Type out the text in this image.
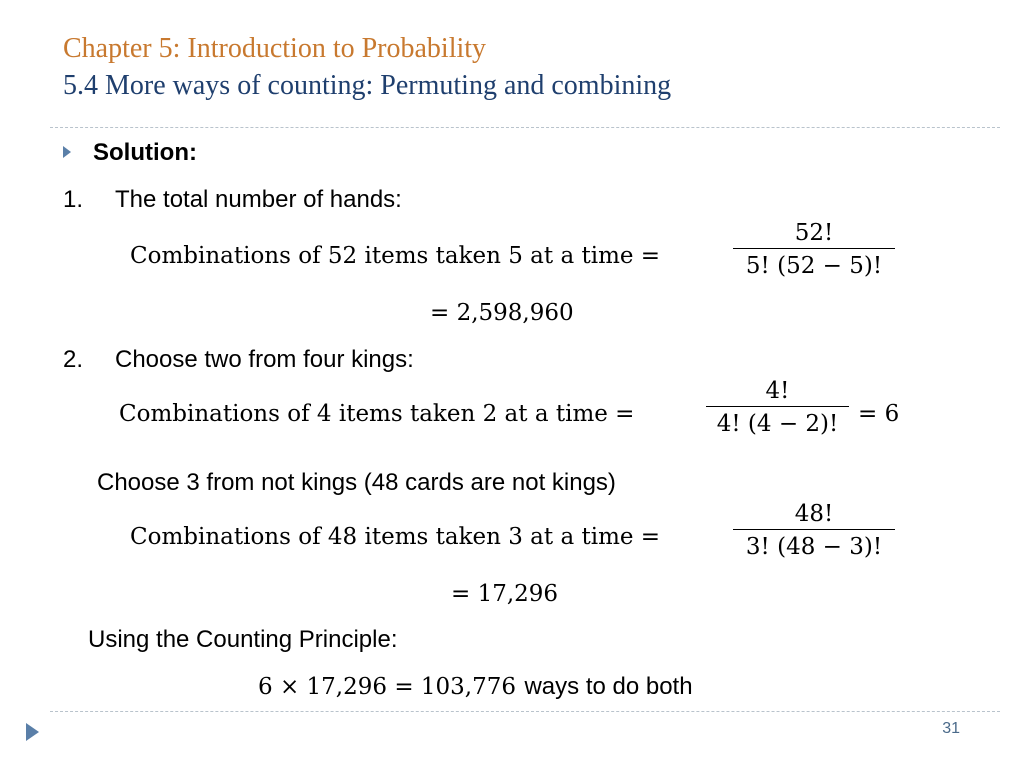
Chapter 5: Introduction to Probability
5.4 More ways of counting: Permuting and combining
Solution:
1. The total number of hands:
Combinations of 52 items taken 5 at a time =
52!
5! (52 − 5)!
= 2,598,960
2. Choose two from four kings:
Combinations of 4 items taken 2 at a time =
4!
4! (4 − 2)! = 6
Choose 3 from not kings (48 cards are not kings)
Combinations of 48 items taken 3 at a time =
48!
3! (48 − 3)!
= 17,296
Using the Counting Principle:
6 × 17,296 = 103,776 ways to do both
31
